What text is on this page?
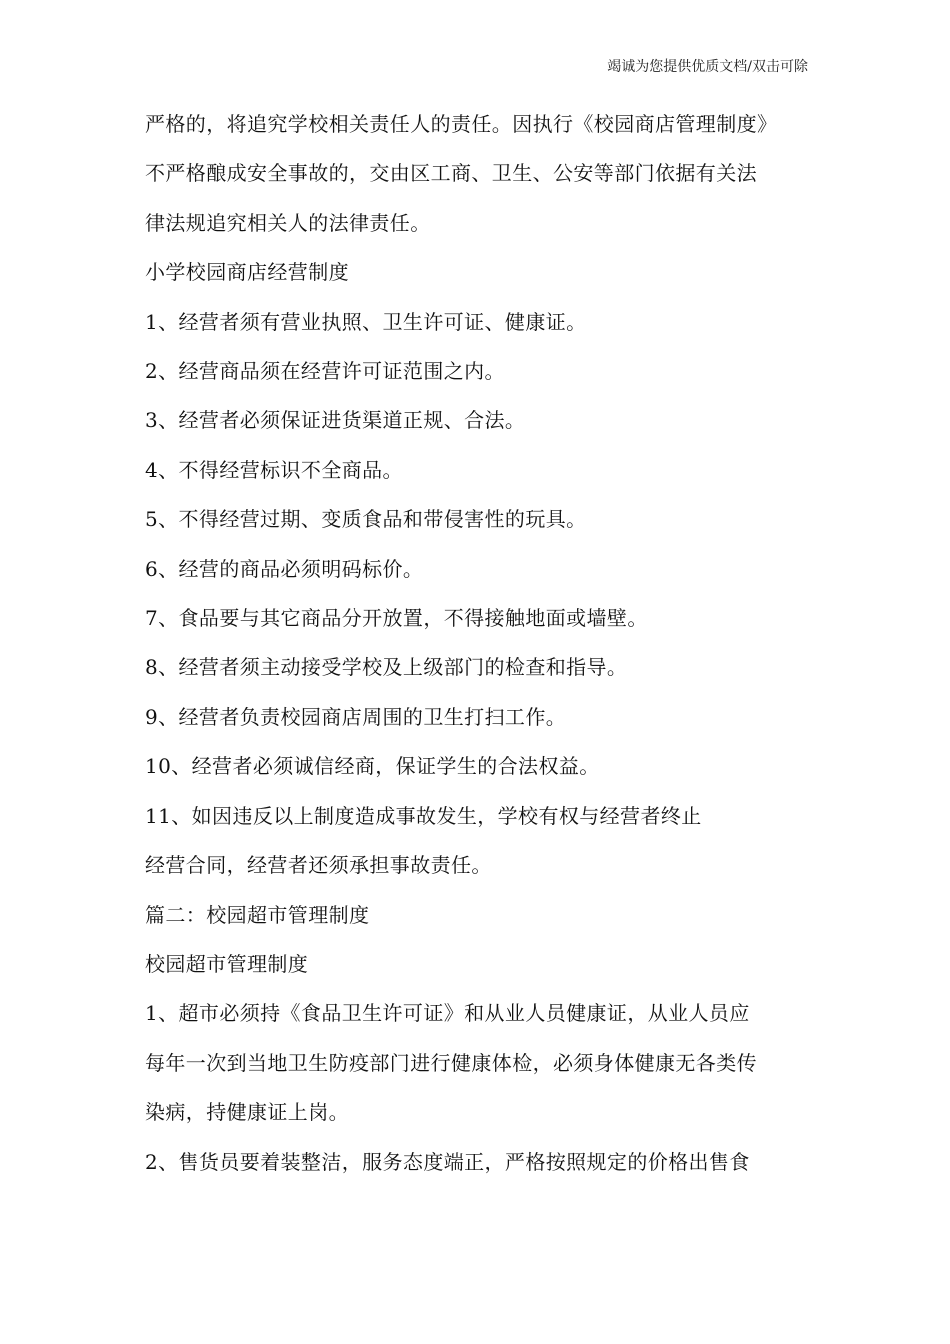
竭诚为您提供优质文档/双击可除

严格的，将追究学校相关责任人的责任。因执行《校园商店管理制度》

不严格酿成安全事故的，交由区工商、卫生、公安等部门依据有关法

律法规追究相关人的法律责任。

小学校园商店经营制度

1、经营者须有营业执照、卫生许可证、健康证。

2、经营商品须在经营许可证范围之内。

3、经营者必须保证进货渠道正规、合法。

4、不得经营标识不全商品。

5、不得经营过期、变质食品和带侵害性的玩具。

6、经营的商品必须明码标价。

7、食品要与其它商品分开放置，不得接触地面或墙壁。

8、经营者须主动接受学校及上级部门的检查和指导。

9、经营者负责校园商店周围的卫生打扫工作。

10、经营者必须诚信经商，保证学生的合法权益。

11、如因违反以上制度造成事故发生，学校有权与经营者终止

经营合同，经营者还须承担事故责任。

篇二：校园超市管理制度

校园超市管理制度

1、超市必须持《食品卫生许可证》和从业人员健康证，从业人员应

每年一次到当地卫生防疫部门进行健康体检，必须身体健康无各类传

染病，持健康证上岗。

2、售货员要着装整洁，服务态度端正，严格按照规定的价格出售食
